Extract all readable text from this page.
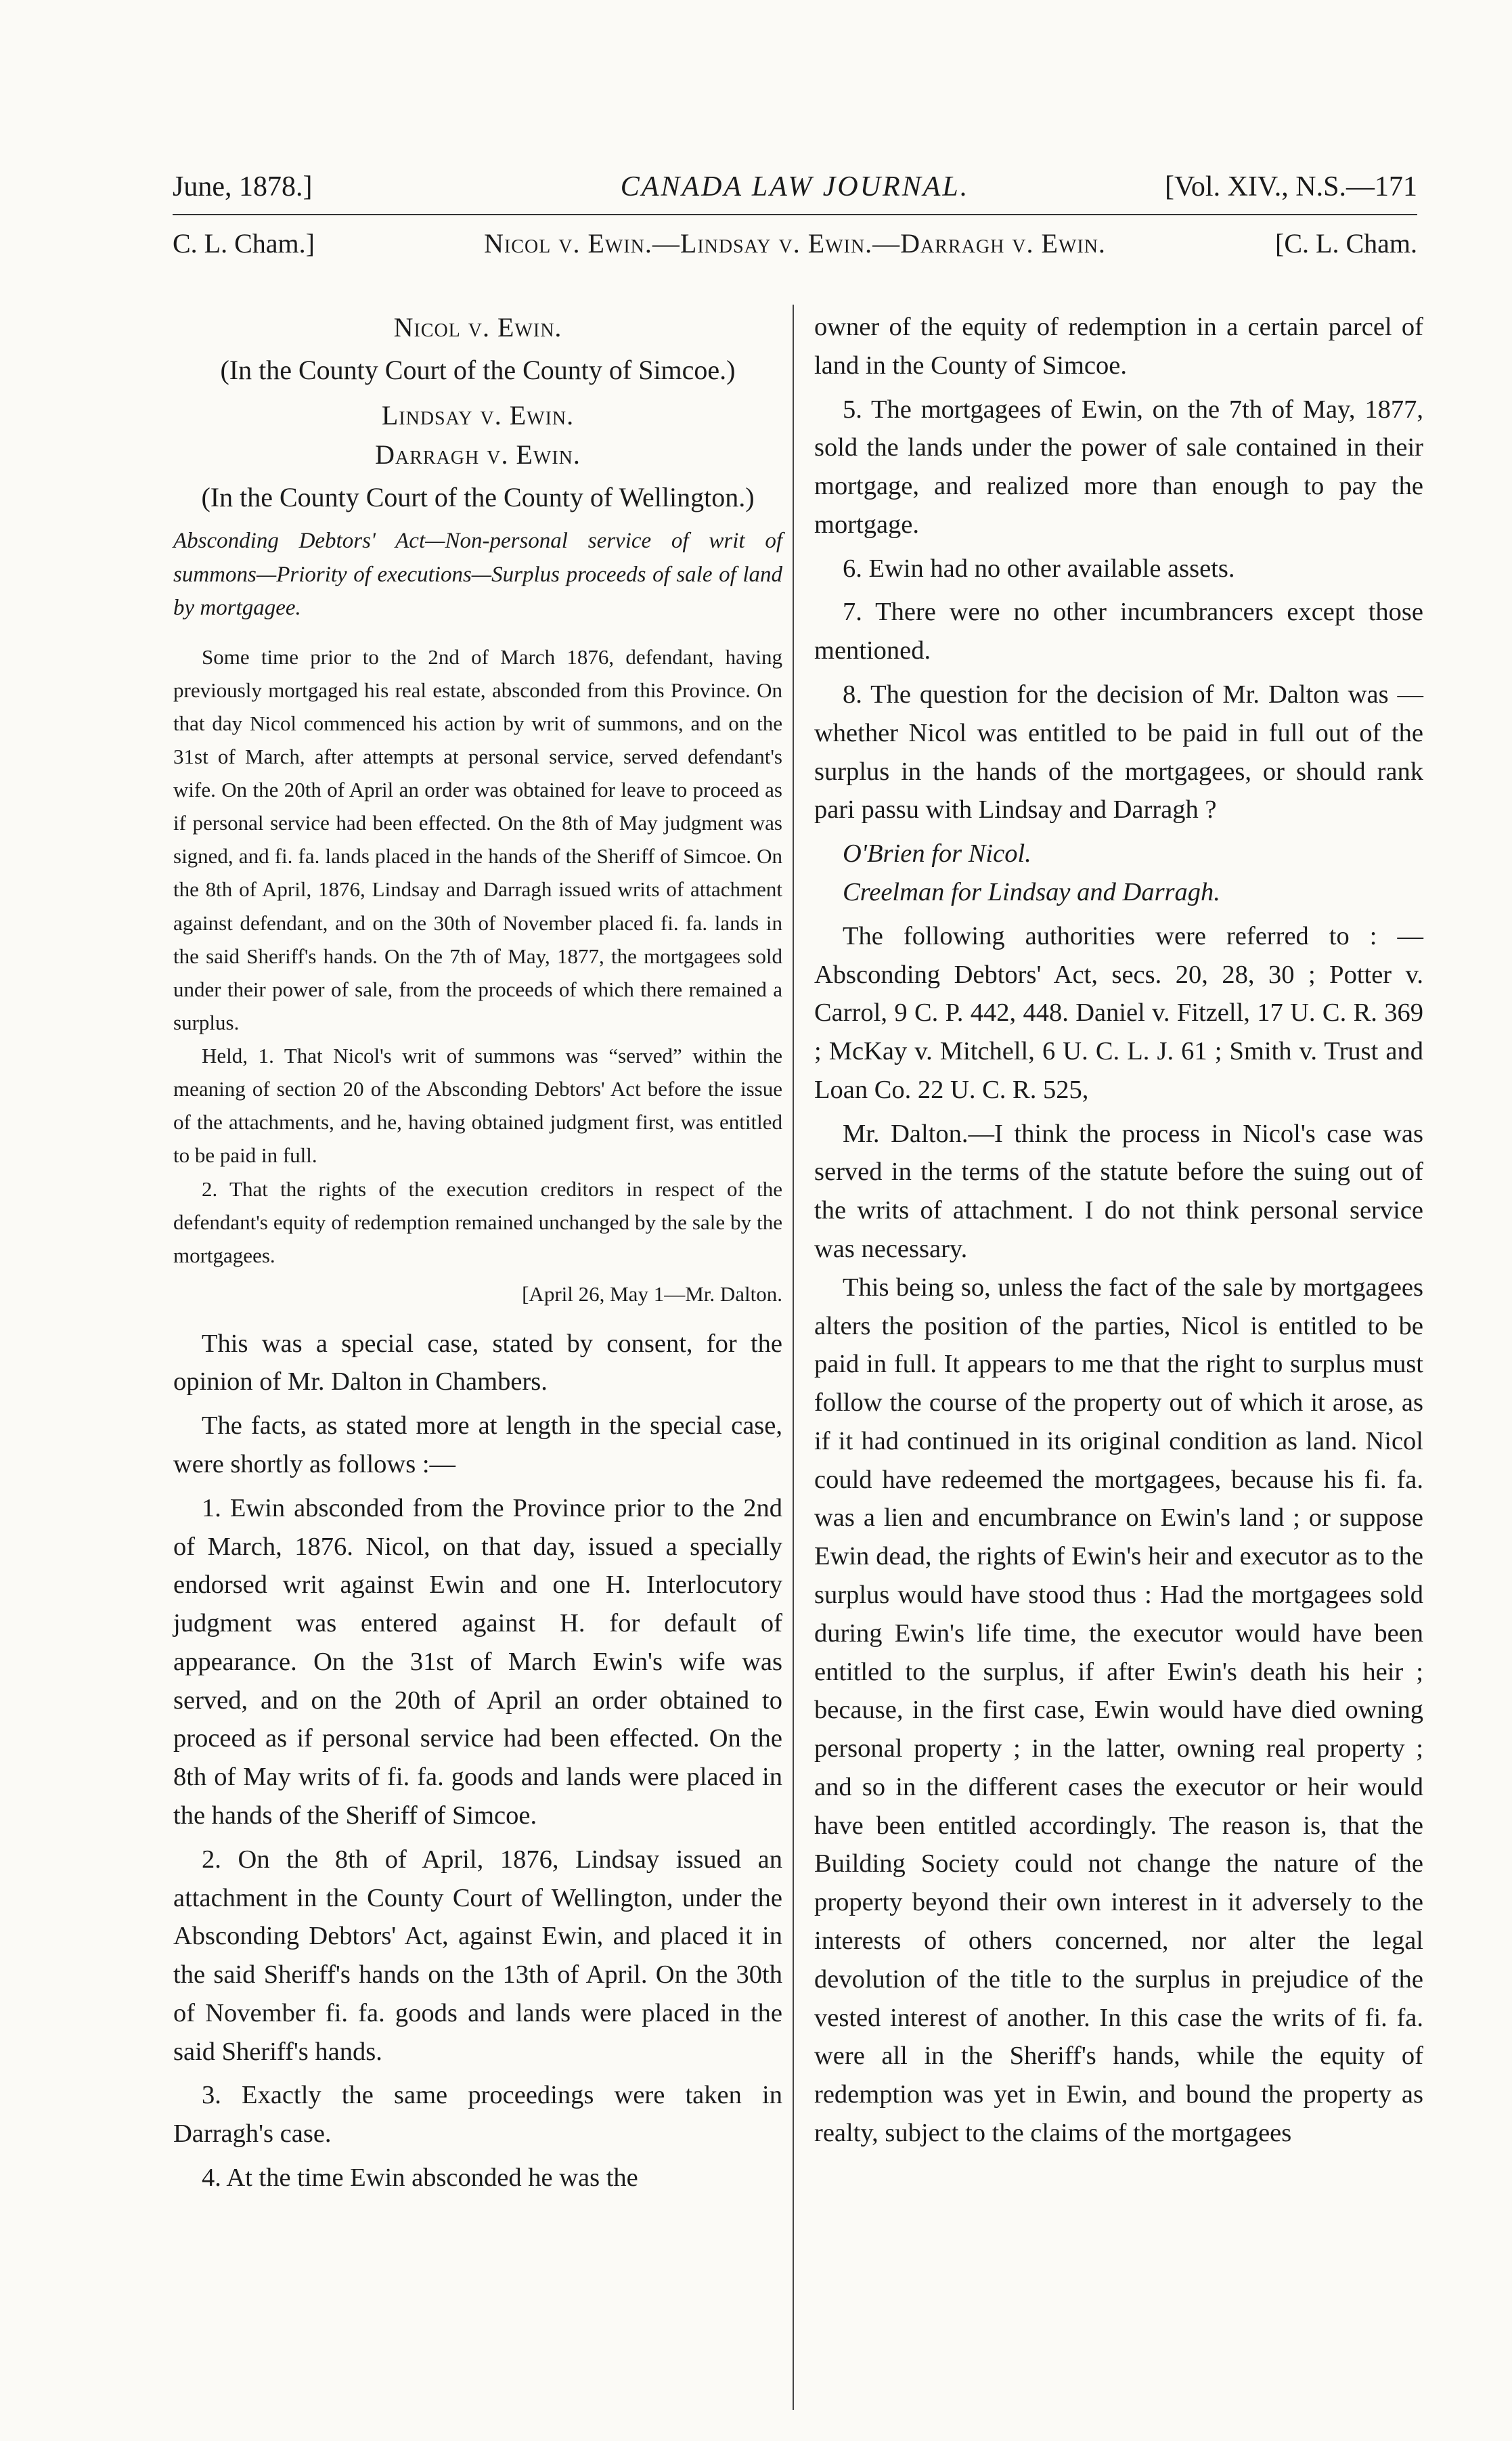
June, 1878.]	CANADA LAW JOURNAL.	[Vol. XIV., N.S.—171
C. L. Cham.]	Nicol v. Ewin.—Lindsay v. Ewin.—Darragh v. Ewin.	[C. L. Cham.

Nicol v. Ewin.

(In the County Court of the County of Simcoe.)

Lindsay v. Ewin.

Darragh v. Ewin.

(In the County Court of the County of Wellington.)

Absconding Debtors' Act—Non-personal service of writ of summons—Priority of executions—Surplus proceeds of sale of land by mortgagee.

Some time prior to the 2nd of March 1876, defendant, having previously mortgaged his real estate, absconded from this Province. On that day Nicol commenced his action by writ of summons, and on the 31st of March, after attempts at personal service, served defendant's wife. On the 20th of April an order was obtained for leave to proceed as if personal service had been effected. On the 8th of May judgment was signed, and fi. fa. lands placed in the hands of the Sheriff of Simcoe. On the 8th of April, 1876, Lindsay and Darragh issued writs of attachment against defendant, and on the 30th of November placed fi. fa. lands in the said Sheriff's hands. On the 7th of May, 1877, the mortgagees sold under their power of sale, from the proceeds of which there remained a surplus.

Held, 1. That Nicol's writ of summons was “served” within the meaning of section 20 of the Absconding Debtors' Act before the issue of the attachments, and he, having obtained judgment first, was entitled to be paid in full.

2. That the rights of the execution creditors in respect of the defendant's equity of redemption remained unchanged by the sale by the mortgagees.

[April 26, May 1—Mr. Dalton.

This was a special case, stated by consent, for the opinion of Mr. Dalton in Chambers.

The facts, as stated more at length in the special case, were shortly as follows :—

1. Ewin absconded from the Province prior to the 2nd of March, 1876. Nicol, on that day, issued a specially endorsed writ against Ewin and one H. Interlocutory judgment was entered against H. for default of appearance. On the 31st of March Ewin's wife was served, and on the 20th of April an order obtained to proceed as if personal service had been effected. On the 8th of May writs of fi. fa. goods and lands were placed in the hands of the Sheriff of Simcoe.

2. On the 8th of April, 1876, Lindsay issued an attachment in the County Court of Wellington, under the Absconding Debtors' Act, against Ewin, and placed it in the said Sheriff's hands on the 13th of April. On the 30th of November fi. fa. goods and lands were placed in the said Sheriff's hands.

3. Exactly the same proceedings were taken in Darragh's case.

4. At the time Ewin absconded he was the

owner of the equity of redemption in a certain parcel of land in the County of Simcoe.

5. The mortgagees of Ewin, on the 7th of May, 1877, sold the lands under the power of sale contained in their mortgage, and realized more than enough to pay the mortgage.

6. Ewin had no other available assets.

7. There were no other incumbrancers except those mentioned.

8. The question for the decision of Mr. Dalton was — whether Nicol was entitled to be paid in full out of the surplus in the hands of the mortgagees, or should rank pari passu with Lindsay and Darragh ?

O'Brien for Nicol.

Creelman for Lindsay and Darragh.

The following authorities were referred to : —Absconding Debtors' Act, secs. 20, 28, 30 ; Potter v. Carrol, 9 C. P. 442, 448. Daniel v. Fitzell, 17 U. C. R. 369 ; McKay v. Mitchell, 6 U. C. L. J. 61 ; Smith v. Trust and Loan Co. 22 U. C. R. 525,

Mr. Dalton.—I think the process in Nicol's case was served in the terms of the statute before the suing out of the writs of attachment. I do not think personal service was necessary.

This being so, unless the fact of the sale by mortgagees alters the position of the parties, Nicol is entitled to be paid in full. It appears to me that the right to surplus must follow the course of the property out of which it arose, as if it had continued in its original condition as land. Nicol could have redeemed the mortgagees, because his fi. fa. was a lien and encumbrance on Ewin's land ; or suppose Ewin dead, the rights of Ewin's heir and executor as to the surplus would have stood thus : Had the mortgagees sold during Ewin's life time, the executor would have been entitled to the surplus, if after Ewin's death his heir ; because, in the first case, Ewin would have died owning personal property ; in the latter, owning real property ; and so in the different cases the executor or heir would have been entitled accordingly. The reason is, that the Building Society could not change the nature of the property beyond their own interest in it adversely to the interests of others concerned, nor alter the legal devolution of the title to the surplus in prejudice of the vested interest of another. In this case the writs of fi. fa. were all in the Sheriff's hands, while the equity of redemption was yet in Ewin, and bound the property as realty, subject to the claims of the mortgagees
